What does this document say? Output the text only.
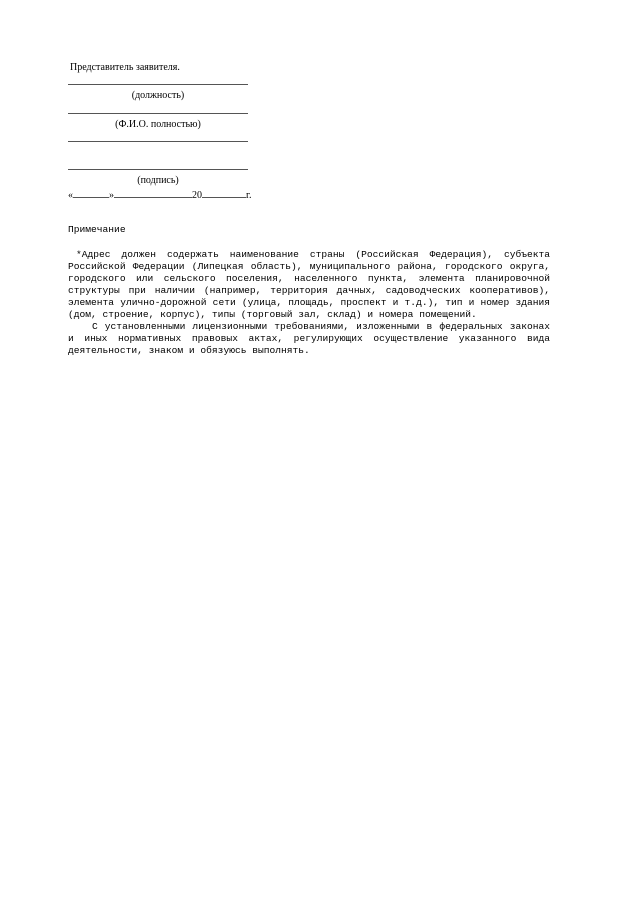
Представитель заявителя.
(должность)
(Ф.И.О. полностью)
(подпись)
«	»	20	г.
Примечание

*Адрес должен содержать наименование страны (Российская Федерация), субъекта Российской Федерации (Липецкая область), муниципального района, городского округа, городского или сельского поселения, населенного пункта, элемента планировочной структуры при наличии (например, территория дачных, садоводческих кооперативов), элемента улично-дорожной сети (улица, площадь, проспект и т.д.), тип и номер здания (дом, строение, корпус), типы (торговый зал, склад) и номера помещений.

С установленными лицензионными требованиями, изложенными в федеральных законах и иных нормативных правовых актах, регулирующих осуществление указанного вида деятельности, знаком и обязуюсь выполнять.
